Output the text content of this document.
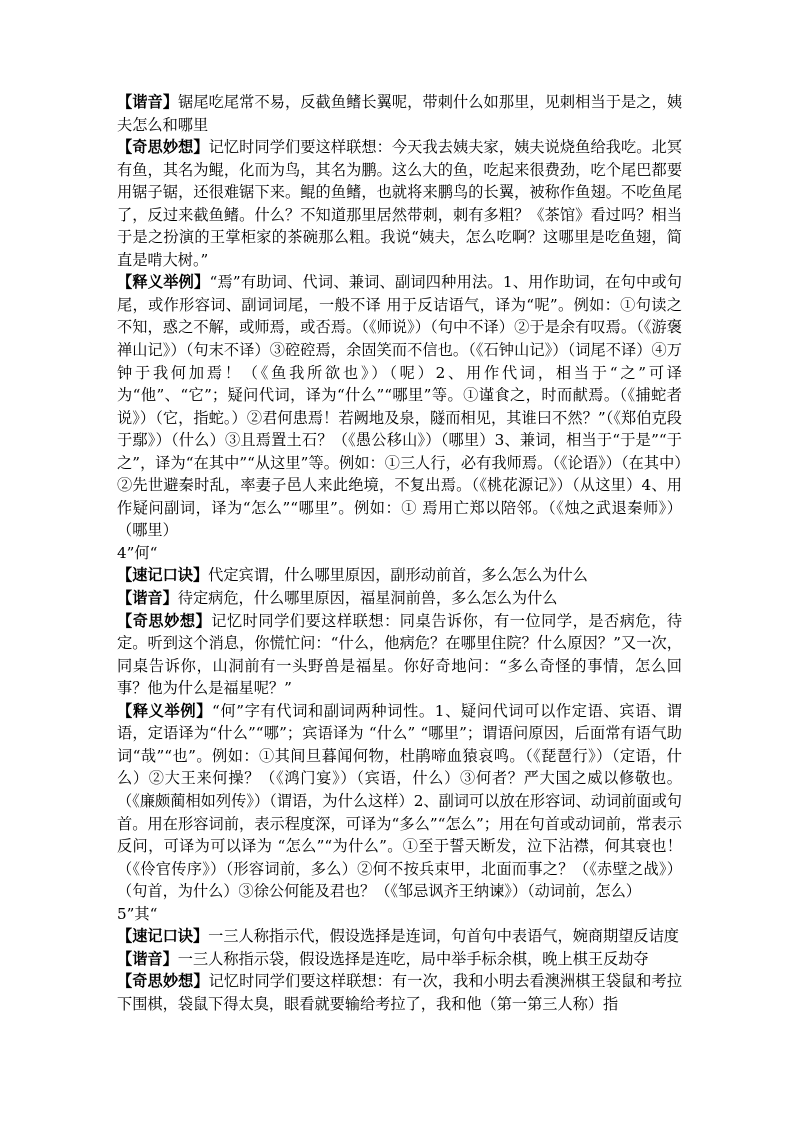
【谐音】锯尾吃尾常不易，反截鱼鳍长翼呢，带刺什么如那里，见刺相当于是之，姨夫怎么和哪里

【奇思妙想】记忆时同学们要这样联想：今天我去姨夫家，姨夫说烧鱼给我吃。北冥有鱼，其名为鲲，化而为鸟，其名为鹏。这么大的鱼，吃起来很费劲，吃个尾巴都要用锯子锯，还很难锯下来。鲲的鱼鳍，也就将来鹏鸟的长翼，被称作鱼翅。不吃鱼尾了，反过来截鱼鳍。什么？不知道那里居然带刺，刺有多粗？《茶馆》看过吗？相当于是之扮演的王掌柜家的茶碗那么粗。我说“姨夫，怎么吃啊？这哪里是吃鱼翅，简直是啃大树。”

【释义举例】“焉”有助词、代词、兼词、副词四种用法。1、用作助词，在句中或句尾，或作形容词、副词词尾，一般不译 用于反诘语气，译为“呢”。例如：①句读之不知，惑之不解，或师焉，或否焉。（《师说》）（句中不译）②于是余有叹焉。（《游褒禅山记》）（句末不译）③硿硿焉，余固笑而不信也。（《石钟山记》）（词尾不译）④万钟于我何加焉！（《鱼我所欲也》）（呢）2、用作代词，相当于“之”可译为“他”、“它”；疑问代词，译为“什么”“哪里”等。①谨食之，时而献焉。（《捕蛇者说》）（它，指蛇。）②君何患焉！若阙地及泉，隧而相见，其谁曰不然？”（《郑伯克段于鄢》）（什么）③且焉置土石？（《愚公移山》）（哪里）3、兼词，相当于“于是”“于之”，译为“在其中”“从这里”等。例如：①三人行，必有我师焉。（《论语》）（在其中）②先世避秦时乱，率妻子邑人来此绝境，不复出焉。（《桃花源记》）（从这里）4、用作疑问副词，译为“怎么”“哪里”。例如：① 焉用亡郑以陪邻。（《烛之武退秦师》）（哪里）

4”何“

【速记口诀】代定宾谓，什么哪里原因，副形动前首，多么怎么为什么

【谐音】待定病危，什么哪里原因，福星洞前兽，多么怎么为什么

【奇思妙想】记忆时同学们要这样联想：同桌告诉你，有一位同学，是否病危，待定。听到这个消息，你慌忙问：“什么，他病危？在哪里住院？什么原因？”又一次，同桌告诉你，山洞前有一头野兽是福星。你好奇地问：“多么奇怪的事情，怎么回事？他为什么是福星呢？”

【释义举例】“何”字有代词和副词两种词性。1、疑问代词可以作定语、宾语、谓语，定语译为“什么”“哪”；宾语译为 “什么” “哪里”；谓语问原因，后面常有语气助词“哉”“也”。例如：①其间旦暮闻何物，杜鹃啼血猿哀鸣。（《琵琶行》）（定语，什么）②大王来何操？（《鸿门宴》）（宾语，什么）③何者？严大国之威以修敬也。（《廉颇蔺相如列传》）（谓语，为什么这样）2、副词可以放在形容词、动词前面或句首。用在形容词前，表示程度深，可译为“多么”“怎么”；用在句首或动词前，常表示反问，可译为可以译为 “怎么”“为什么”。①至于誓天断发，泣下沾襟，何其衰也！（《伶官传序》）（形容词前，多么）②何不按兵束甲，北面而事之？（《赤壁之战》） （句首，为什么）③徐公何能及君也？（《邹忌讽齐王纳谏》）（动词前，怎么）

5”其“

【速记口诀】一三人称指示代，假设选择是连词，句首句中表语气，婉商期望反诘度

【谐音】一三人称指示袋，假设选择是连吃，局中举手标余棋，晚上棋王反劫夺

【奇思妙想】记忆时同学们要这样联想：有一次，我和小明去看澳洲棋王袋鼠和考拉下围棋，袋鼠下得太臭，眼看就要输给考拉了，我和他（第一第三人称）指
